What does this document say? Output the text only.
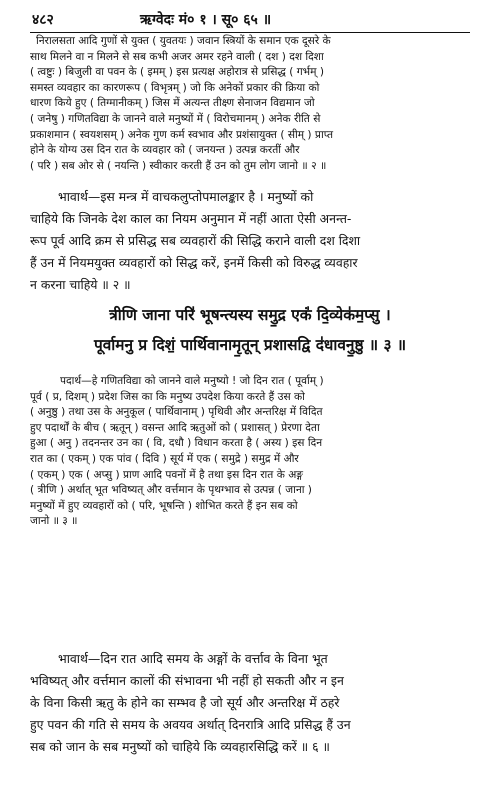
४८२	ऋग्वेदः मं० १ । सू० ६५ ॥
निरालसता आदि गुणों से युक्त ( युवतयः ) जवान स्त्रियों के समान एक दूसरे के
साथ मिलने वा न मिलने से सब कभी अजर अमर रहने वाली ( दश ) दश दिशा
( त्वष्टुः ) बिजुली वा पवन के ( इमम् ) इस प्रत्यक्ष अहोरात्र से प्रसिद्ध ( गर्भम् )
समस्त व्यवहार का कारणरूप ( विभृत्रम् ) जो कि अनेकों प्रकार की क्रिया को
धारण किये हुए ( तिग्मानीकम् ) जिस में अत्यन्त तीक्ष्ण सेनाजन विद्यमान जो
( जनेषु ) गणितविद्या के जानने वाले मनुष्यों में ( विरोचमानम् ) अनेक रीति से
प्रकाशमान ( स्वयशसम् ) अनेक गुण कर्म स्वभाव और प्रशंसायुक्त ( सीम् ) प्राप्त
होने के योग्य उस दिन रात के व्यवहार को ( जनयन्त ) उत्पन्न करतीं और
( परि ) सब ओर से ( नयन्ति ) स्वीकार करती हैं उन को तुम लोग जानो ॥ २ ॥
भावार्थ—इस मन्त्र में वाचकलुप्तोपमालङ्कार है । मनुष्यों को
चाहिये कि जिनके देश काल का नियम अनुमान में नहीं आता ऐसी अनन्त-
रूप पूर्व आदि क्रम से प्रसिद्ध सब व्यवहारों की सिद्धि कराने वाली दश दिशा
हैं उन में नियमयुक्त व्यवहारों को सिद्ध करें, इनमें किसी को विरुद्ध व्यवहार
न करना चाहिये ॥ २ ॥
त्रीणि जाना परि॑ भूषन्त्यस्य समु॒द्र एकं॑ दि॒व्येक॑म॒प्सु ।
पूर्वामनु प्र दिशं॒ पार्थिवानामृ॒तून् प्रशासद्वि द॑धावनु॒ष्ठु ॥ ३ ॥
पदार्थ—हे गणितविद्या को जानने वाले मनुष्यो ! जो दिन रात ( पूर्वाम् )
पूर्व ( प्र, दिशम् ) प्रदेश जिस का कि मनुष्य उपदेश किया करते हैं उस को
( अनुष्ठु ) तथा उस के अनुकूल ( पार्थिवानाम् ) पृथिवी और अन्तरिक्ष में विदित
हुए पदार्थों के बीच ( ऋतून् ) वसन्त आदि ऋतुओं को ( प्रशासत् ) प्रेरणा देता
हुआ ( अनु ) तदनन्तर उन का ( वि, दधौ ) विधान करता है ( अस्य ) इस दिन
रात का ( एकम् ) एक पांव ( दिवि ) सूर्य में एक ( समुद्रे ) समुद्र में और
( एकम् ) एक ( अप्सु ) प्राण आदि पवनों में है तथा इस दिन रात के अङ्ग
( त्रीणि ) अर्थात् भूत भविष्यत् और वर्त्तमान के पृथग्भाव से उत्पन्न ( जाना )
मनुष्यों में हुए व्यवहारों को ( परि, भूषन्ति ) शोभित करते हैं इन सब को
जानो ॥ ३ ॥
भावार्थ—दिन रात आदि समय के अङ्गों के वर्त्ताव के विना भूत
भविष्यत् और वर्त्तमान कालों की संभावना भी नहीं हो सकती और न इन
के विना किसी ऋतु के होने का सम्भव है जो सूर्य और अन्तरिक्ष में ठहरे
हुए पवन की गति से समय के अवयव अर्थात् दिनरात्रि आदि प्रसिद्ध हैं उन
सब को जान के सब मनुष्यों को चाहिये कि व्यवहारसिद्धि करें ॥ ६ ॥
